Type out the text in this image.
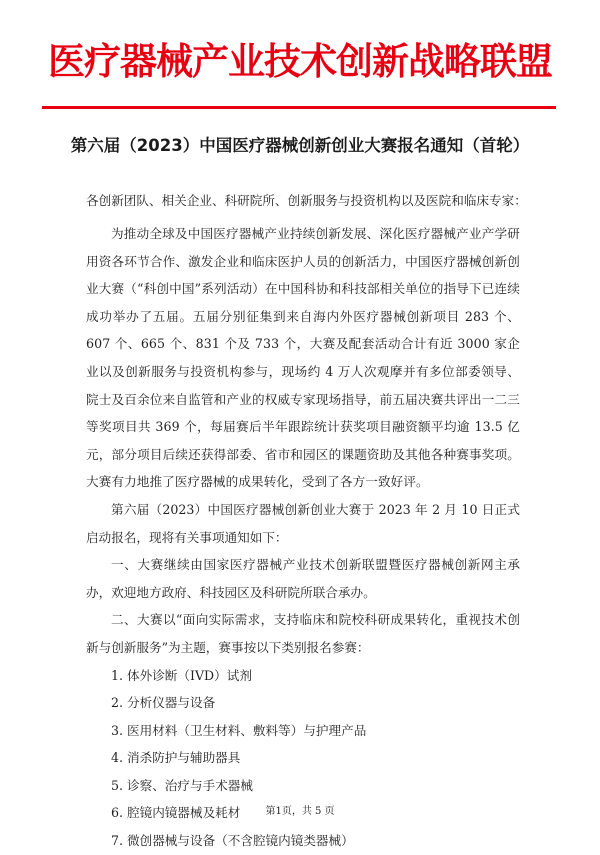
医疗器械产业技术创新战略联盟
第六届（2023）中国医疗器械创新创业大赛报名通知（首轮）
各创新团队、相关企业、科研院所、创新服务与投资机构以及医院和临床专家：

为推动全球及中国医疗器械产业持续创新发展、深化医疗器械产业产学研用资各环节合作、激发企业和临床医护人员的创新活力，中国医疗器械创新创业大赛（“科创中国”系列活动）在中国科协和科技部相关单位的指导下已连续成功举办了五届。五届分别征集到来自海内外医疗器械创新项目 283 个、607 个、665 个、831 个及 733 个，大赛及配套活动合计有近 3000 家企业以及创新服务与投资机构参与，现场约 4 万人次观摩并有多位部委领导、院士及百余位来自监管和产业的权威专家现场指导，前五届决赛共评出一二三等奖项目共 369 个，每届赛后半年跟踪统计获奖项目融资额平均逾 13.5 亿元，部分项目后续还获得部委、省市和园区的课题资助及其他各种赛事奖项。大赛有力地推了医疗器械的成果转化，受到了各方一致好评。

第六届（2023）中国医疗器械创新创业大赛于 2023 年 2 月 10 日正式启动报名，现将有关事项通知如下：

一、大赛继续由国家医疗器械产业技术创新联盟暨医疗器械创新网主承办，欢迎地方政府、科技园区及科研院所联合承办。

二、大赛以“面向实际需求，支持临床和院校科研成果转化，重视技术创新与创新服务”为主题，赛事按以下类别报名参赛：

1. 体外诊断（IVD）试剂
2. 分析仪器与设备
3. 医用材料（卫生材料、敷料等）与护理产品
4. 消杀防护与辅助器具
5. 诊察、治疗与手术器械
6. 腔镜内镜器械及耗材
7. 微创器械与设备（不含腔镜内镜类器械）
第1页，共 5 页
